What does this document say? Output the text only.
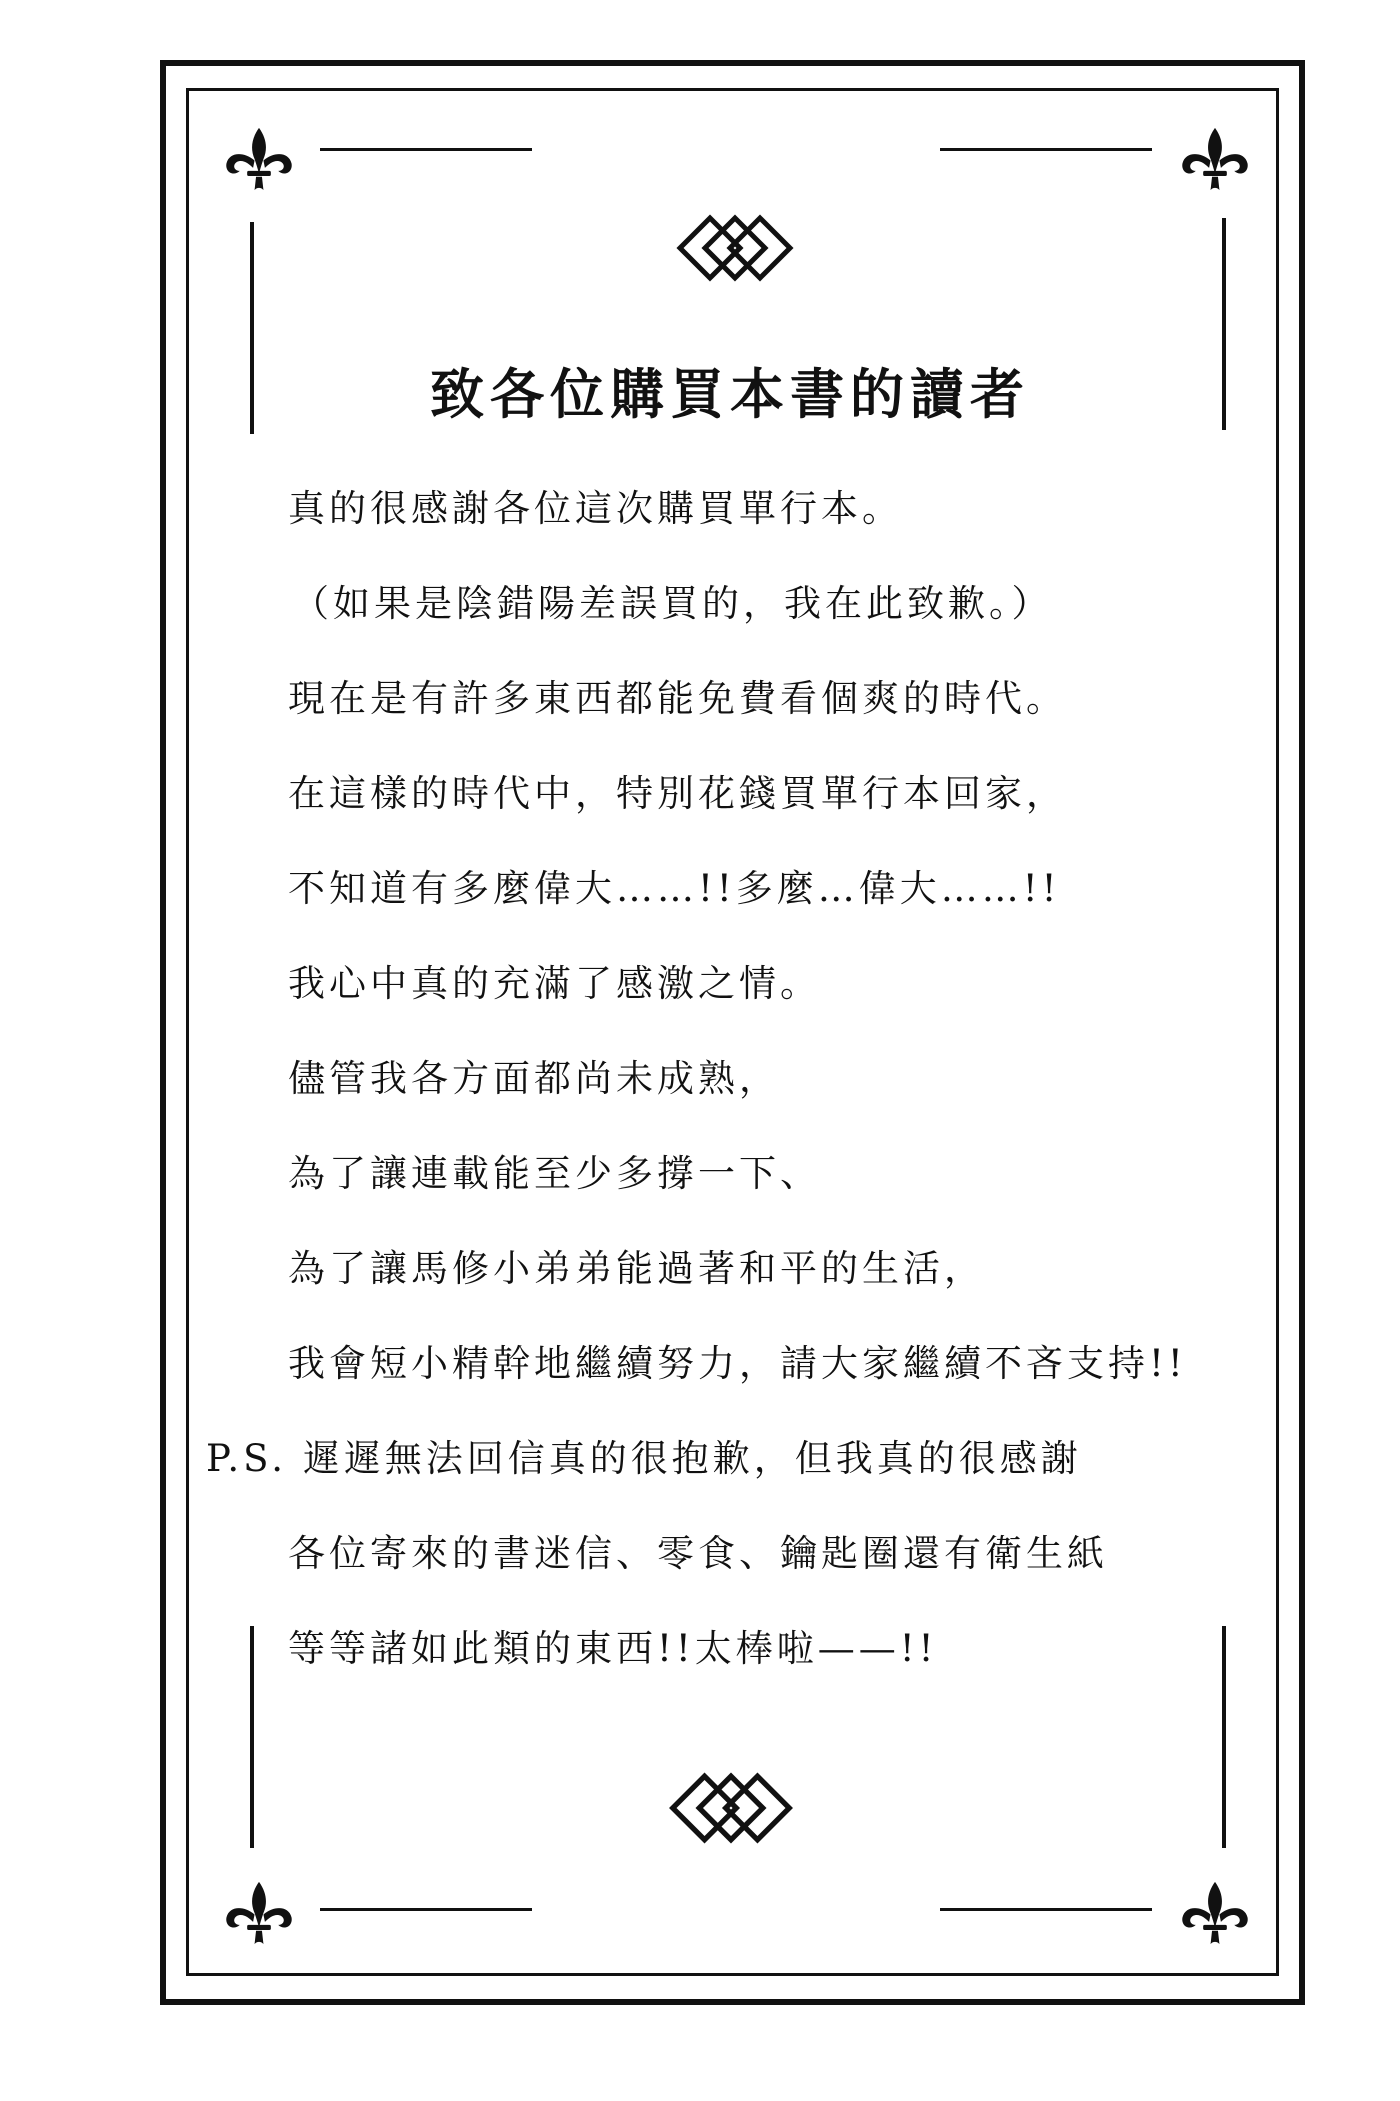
致各位購買本書的讀者
真的很感謝各位這次購買單行本。
（如果是陰錯陽差誤買的，我在此致歉。）
現在是有許多東西都能免費看個爽的時代。
在這樣的時代中，特別花錢買單行本回家，
不知道有多麼偉大……!!多麼…偉大……!!
我心中真的充滿了感激之情。
儘管我各方面都尚未成熟，
為了讓連載能至少多撐一下、
為了讓馬修小弟弟能過著和平的生活，
我會短小精幹地繼續努力，請大家繼續不吝支持!!
P.S. 遲遲無法回信真的很抱歉，但我真的很感謝
各位寄來的書迷信、零食、鑰匙圈還有衛生紙
等等諸如此類的東西!!太棒啦——!!
